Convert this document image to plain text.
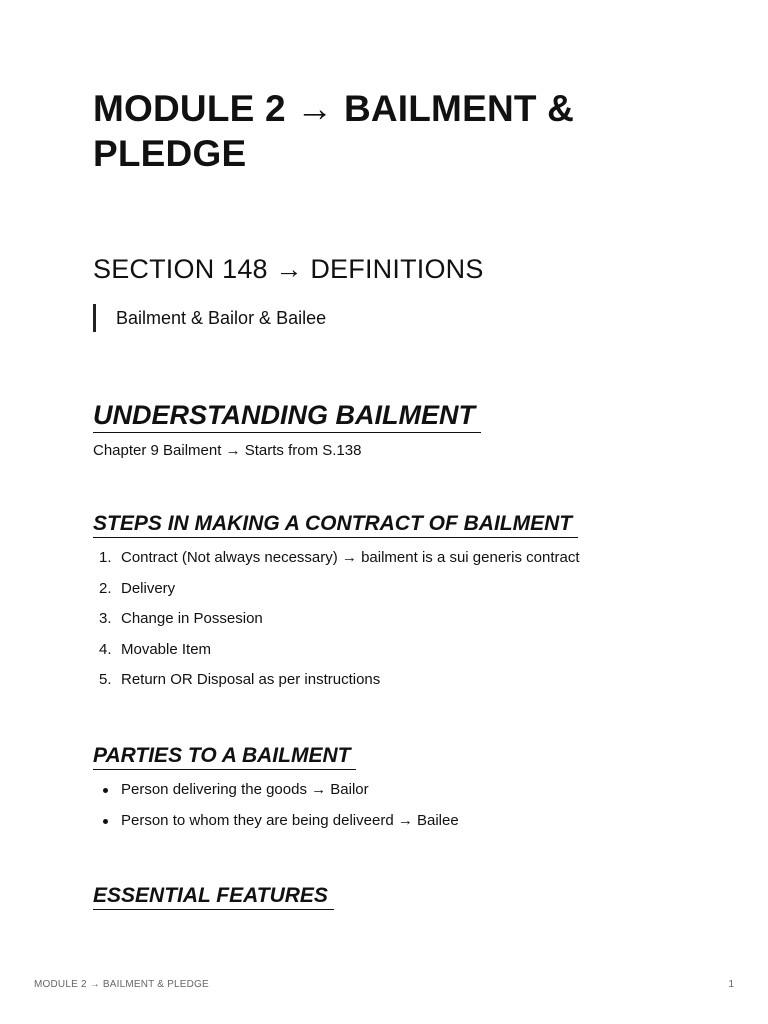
MODULE 2 → BAILMENT & PLEDGE
SECTION 148 → DEFINITIONS
Bailment & Bailor & Bailee
UNDERSTANDING BAILMENT

Chapter 9 Bailment → Starts from S.138

STEPS IN MAKING A CONTRACT OF BAILMENT
1. Contract (Not always necessary) → bailment is a sui generis contract
2. Delivery
3. Change in Possesion
4. Movable Item
5. Return OR Disposal as per instructions
PARTIES TO A BAILMENT
Person delivering the goods → Bailor
Person to whom they are being deliveerd → Bailee
ESSENTIAL FEATURES
MODULE 2 → BAILMENT & PLEDGE	1
